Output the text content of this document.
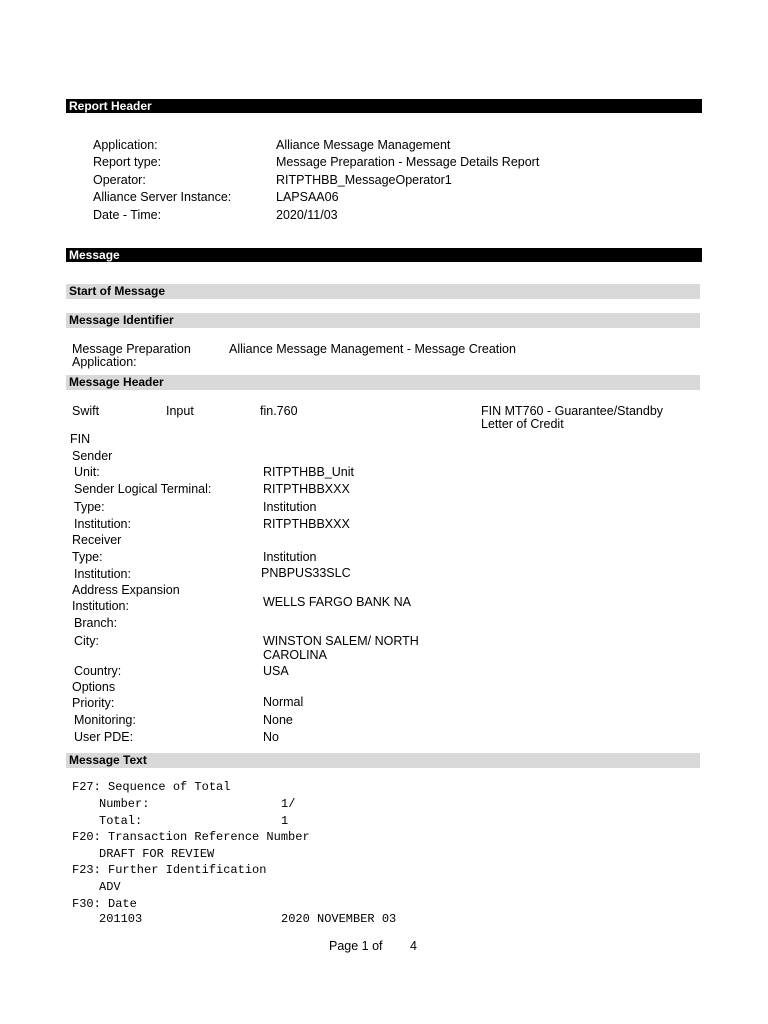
Report Header
Application:	Alliance Message Management
Report type:	Message Preparation - Message Details Report
Operator:	RITPTHBB_MessageOperator1
Alliance Server Instance:	LAPSAA06
Date - Time:	2020/11/03
Message
Start of Message
Message Identifier
Message Preparation
Application:
Alliance Message Management - Message Creation
Message Header
Swift	Input	fin.760	FIN MT760 - Guarantee/Standby
Letter of Credit
FIN
Sender
Unit:	RITPTHBB_Unit
Sender Logical Terminal:	RITPTHBBXXX
Type:	Institution
Institution:	RITPTHBBXXX
Receiver
Type:	Institution
Institution:	PNBPUS33SLC
Address Expansion
Institution:	WELLS FARGO BANK NA
Branch:
City:	WINSTON SALEM/ NORTH
CAROLINA
Country:	USA
Options
Priority:	Normal
Monitoring:	None
User PDE:	No
Message Text
F27: Sequence of Total
Number:	1/
Total:	1
F20: Transaction Reference Number
DRAFT FOR REVIEW
F23: Further Identification
ADV
F30: Date
201103	2020 NOVEMBER 03
Page 1 of 4
